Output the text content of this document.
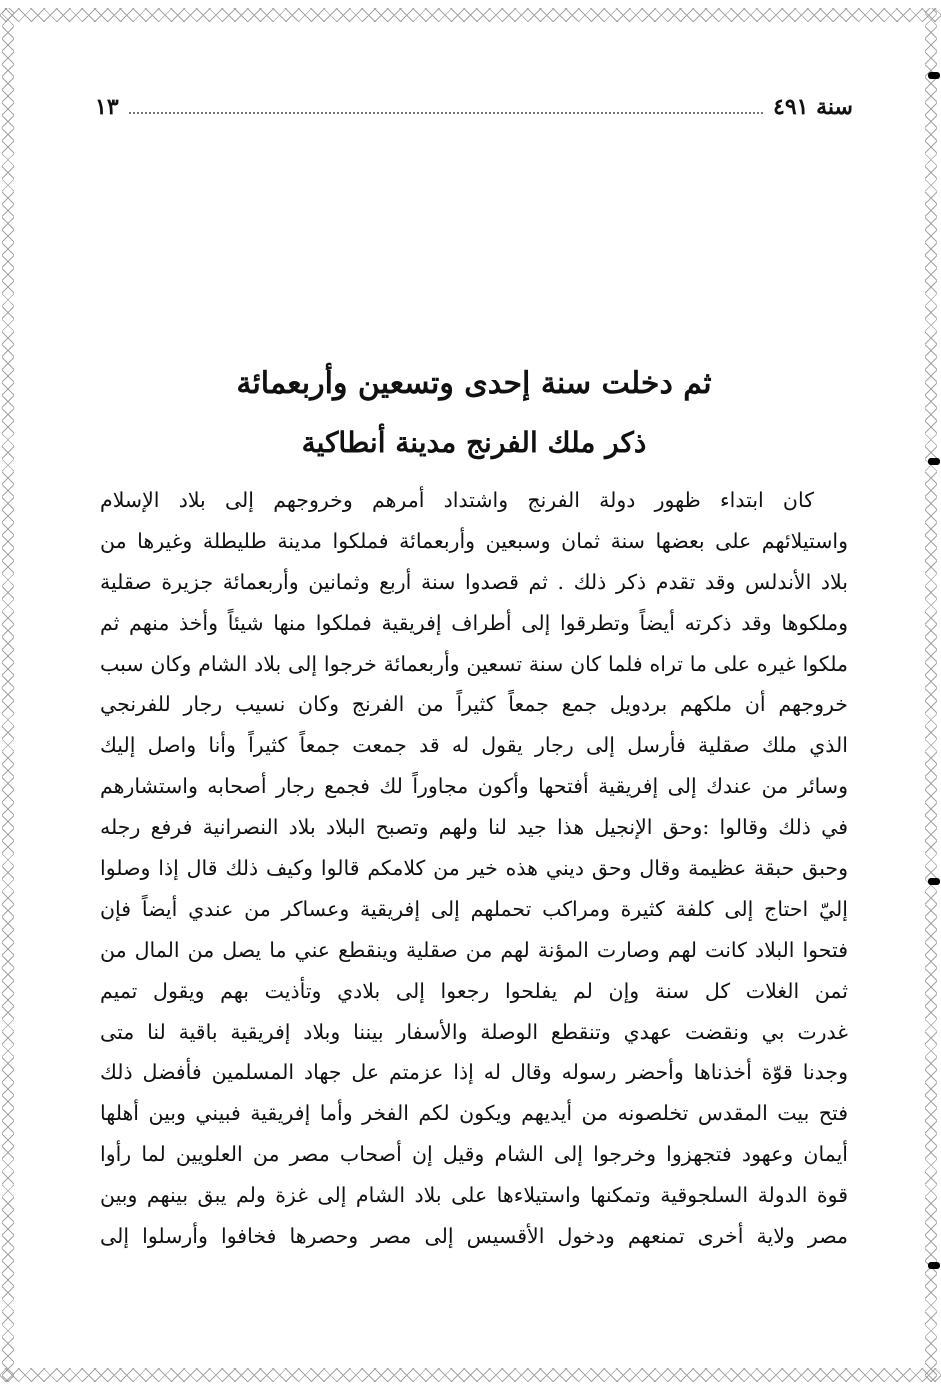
سنة ٤٩١
١٣
ثم دخلت سنة إحدى وتسعين وأربعمائة
ذكر ملك الفرنج مدينة أنطاكية
كان ابتداء ظهور دولة الفرنج واشتداد أمرهم وخروجهم إلى بلاد الإسلام
واستيلائهم على بعضها سنة ثمان وسبعين وأربعمائة فملكوا مدينة طليطلة وغيرها من
بلاد الأندلس وقد تقدم ذكر ذلك . ثم قصدوا سنة أربع وثمانين وأربعمائة جزيرة صقلية
وملكوها وقد ذكرته أيضاً وتطرقوا إلى أطراف إفريقية فملكوا منها شيئاً وأخذ منهم ثم
ملكوا غيره على ما تراه فلما كان سنة تسعين وأربعمائة خرجوا إلى بلاد الشام وكان سبب
خروجهم أن ملكهم بردويل جمع جمعاً كثيراً من الفرنج وكان نسيب رجار للفرنجي
الذي ملك صقلية فأرسل إلى رجار يقول له قد جمعت جمعاً كثيراً وأنا واصل إليك
وسائر من عندك إلى إفريقية أفتحها وأكون مجاوراً لك فجمع رجار أصحابه واستشارهم
في ذلك وقالوا :وحق الإنجيل هذا جيد لنا ولهم وتصبح البلاد بلاد النصرانية فرفع رجله
وحبق حبقة عظيمة وقال وحق ديني هذه خير من كلامكم قالوا وكيف ذلك قال إذا وصلوا
إليّ احتاج إلى كلفة كثيرة ومراكب تحملهم إلى إفريقية وعساكر من عندي أيضاً فإن
فتحوا البلاد كانت لهم وصارت المؤنة لهم من صقلية وينقطع عني ما يصل من المال من
ثمن الغلات كل سنة وإن لم يفلحوا رجعوا إلى بلادي وتأذيت بهم ويقول تميم
غدرت بي ونقضت عهدي وتنقطع الوصلة والأسفار بيننا وبلاد إفريقية باقية لنا متى
وجدنا قوّة أخذناها وأحضر رسوله وقال له إذا عزمتم عل جهاد المسلمين فأفضل ذلك
فتح بيت المقدس تخلصونه من أيديهم ويكون لكم الفخر وأما إفريقية فبيني وبين أهلها
أيمان وعهود فتجهزوا وخرجوا إلى الشام وقيل إن أصحاب مصر من العلويين لما رأوا
قوة الدولة السلجوقية وتمكنها واستيلاءها على بلاد الشام إلى غزة ولم يبق بينهم وبين
مصر ولاية أخرى تمنعهم ودخول الأقسيس إلى مصر وحصرها فخافوا وأرسلوا إلى
